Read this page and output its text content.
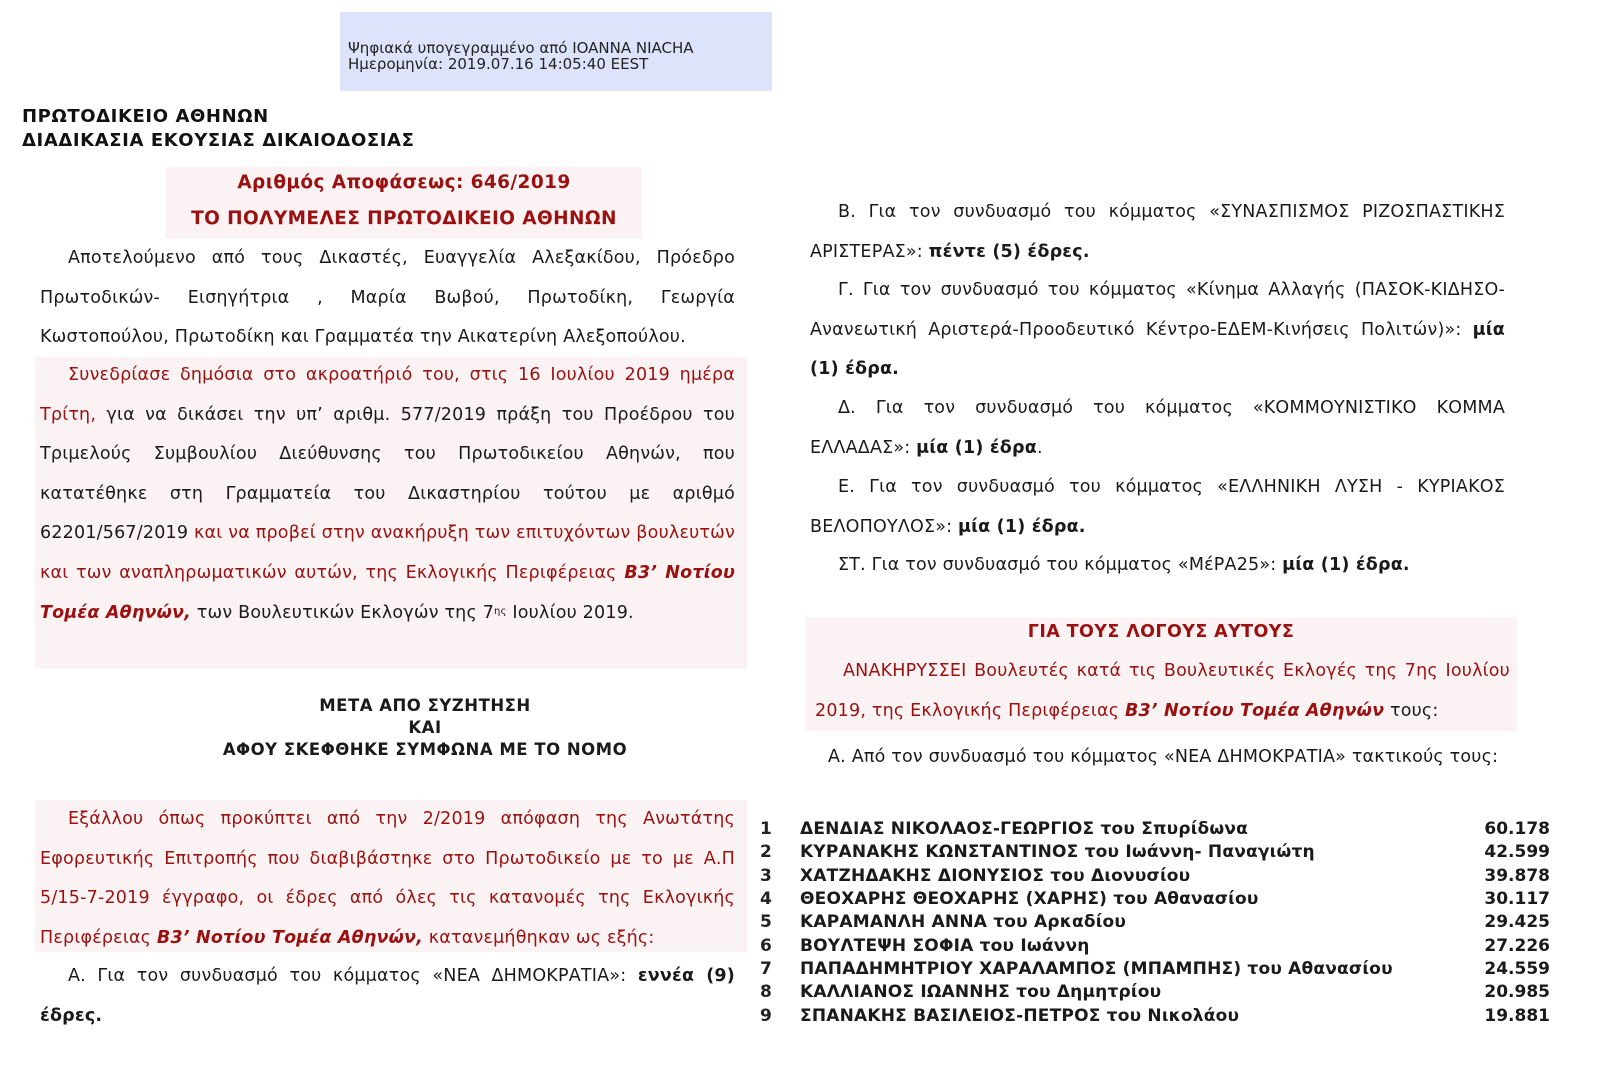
Ψηφιακά υπογεγραμμένο από IOANNA NIACHA
Ημερομηνία: 2019.07.16 14:05:40 EEST
ΠΡΩΤΟΔΙΚΕΙΟ ΑΘΗΝΩΝ
ΔΙΑΔΙΚΑΣΙΑ ΕΚΟΥΣΙΑΣ ΔΙΚΑΙΟΔΟΣΙΑΣ
Αριθμός Αποφάσεως: 646/2019
ΤΟ ΠΟΛΥΜΕΛΕΣ ΠΡΩΤΟΔΙΚΕΙΟ ΑΘΗΝΩΝ
Αποτελούμενο από τους Δικαστές, Ευαγγελία Αλεξακίδου, Πρόεδρο Πρωτοδικών- Εισηγήτρια , Μαρία Βωβού, Πρωτοδίκη, Γεωργία Κωστοπούλου, Πρωτοδίκη και Γραμματέα την Αικατερίνη Αλεξοπούλου.
Συνεδρίασε δημόσια στο ακροατήριό του, στις 16 Ιουλίου 2019 ημέρα Τρίτη, για να δικάσει την υπ’ αριθμ. 577/2019 πράξη του Προέδρου του Τριμελούς Συμβουλίου Διεύθυνσης του Πρωτοδικείου Αθηνών, που κατατέθηκε στη Γραμματεία του Δικαστηρίου τούτου με αριθμό 62201/567/2019 και να προβεί στην ανακήρυξη των επιτυχόντων βουλευτών και των αναπληρωματικών αυτών, της Εκλογικής Περιφέρειας Β3’ Νοτίου Τομέα Αθηνών, των Βουλευτικών Εκλογών της $7^{\eta\varsigma}$ Ιουλίου 2019.
ΜΕΤΑ ΑΠΟ ΣΥΖΗΤΗΣΗ
ΚΑΙ
ΑΦΟΥ ΣΚΕΦΘΗΚΕ ΣΥΜΦΩΝΑ ΜΕ ΤΟ ΝΟΜΟ
Εξάλλου όπως προκύπτει από την 2/2019 απόφαση της Ανωτάτης Εφορευτικής Επιτροπής που διαβιβάστηκε στο Πρωτοδικείο με το με Α.Π 5/15-7-2019 έγγραφο, οι έδρες από όλες τις κατανομές της Εκλογικής Περιφέρειας Β3’ Νοτίου Τομέα Αθηνών, κατανεμήθηκαν ως εξής:
Α. Για τον συνδυασμό του κόμματος «ΝΕΑ ΔΗΜΟΚΡΑΤΙΑ»: εννέα (9) έδρες.
Β. Για τον συνδυασμό του κόμματος «ΣΥΝΑΣΠΙΣΜΟΣ ΡΙΖΟΣΠΑΣΤΙΚΗΣ ΑΡΙΣΤΕΡΑΣ»: πέντε (5) έδρες.
Γ. Για τον συνδυασμό του κόμματος «Κίνημα Αλλαγής (ΠΑΣΟΚ-ΚΙΔΗΣΟ-Ανανεωτική Αριστερά-Προοδευτικό Κέντρο-ΕΔΕΜ-Κινήσεις Πολιτών)»: μία (1) έδρα.
Δ. Για τον συνδυασμό του κόμματος «ΚΟΜΜΟΥΝΙΣΤΙΚΟ ΚΟΜΜΑ ΕΛΛΑΔΑΣ»: μία (1) έδρα.
Ε. Για τον συνδυασμό του κόμματος «ΕΛΛΗΝΙΚΗ ΛΥΣΗ - ΚΥΡΙΑΚΟΣ ΒΕΛΟΠΟΥΛΟΣ»: μία (1) έδρα.
ΣΤ. Για τον συνδυασμό του κόμματος «ΜέΡΑ25»: μία (1) έδρα.
ΓΙΑ ΤΟΥΣ ΛΟΓΟΥΣ ΑΥΤΟΥΣ
ΑΝΑΚΗΡΥΣΣΕΙ Βουλευτές κατά τις Βουλευτικές Εκλογές της 7ης Ιουλίου 2019, της Εκλογικής Περιφέρειας Β3’ Νοτίου Τομέα Αθηνών τους:
Α. Από τον συνδυασμό του κόμματος «ΝΕΑ ΔΗΜΟΚΡΑΤΙΑ» τακτικούς τους:
1	ΔΕΝΔΙΑΣ ΝΙΚΟΛΑΟΣ-ΓΕΩΡΓΙΟΣ του Σπυρίδωνα	60.178
2	ΚΥΡΑΝΑΚΗΣ ΚΩΝΣΤΑΝΤΙΝΟΣ του Ιωάννη- Παναγιώτη	42.599
3	ΧΑΤΖΗΔΑΚΗΣ ΔΙΟΝΥΣΙΟΣ του Διονυσίου	39.878
4	ΘΕΟΧΑΡΗΣ ΘΕΟΧΑΡΗΣ (ΧΑΡΗΣ) του Αθανασίου	30.117
5	ΚΑΡΑΜΑΝΛΗ ΑΝΝΑ του Αρκαδίου	29.425
6	ΒΟΥΛΤΕΨΗ ΣΟΦΙΑ του Ιωάννη	27.226
7	ΠΑΠΑΔΗΜΗΤΡΙΟΥ ΧΑΡΑΛΑΜΠΟΣ (ΜΠΑΜΠΗΣ) του Αθανασίου	24.559
8	ΚΑΛΛΙΑΝΟΣ ΙΩΑΝΝΗΣ του Δημητρίου	20.985
9	ΣΠΑΝΑΚΗΣ ΒΑΣΙΛΕΙΟΣ-ΠΕΤΡΟΣ του Νικολάου	19.881
